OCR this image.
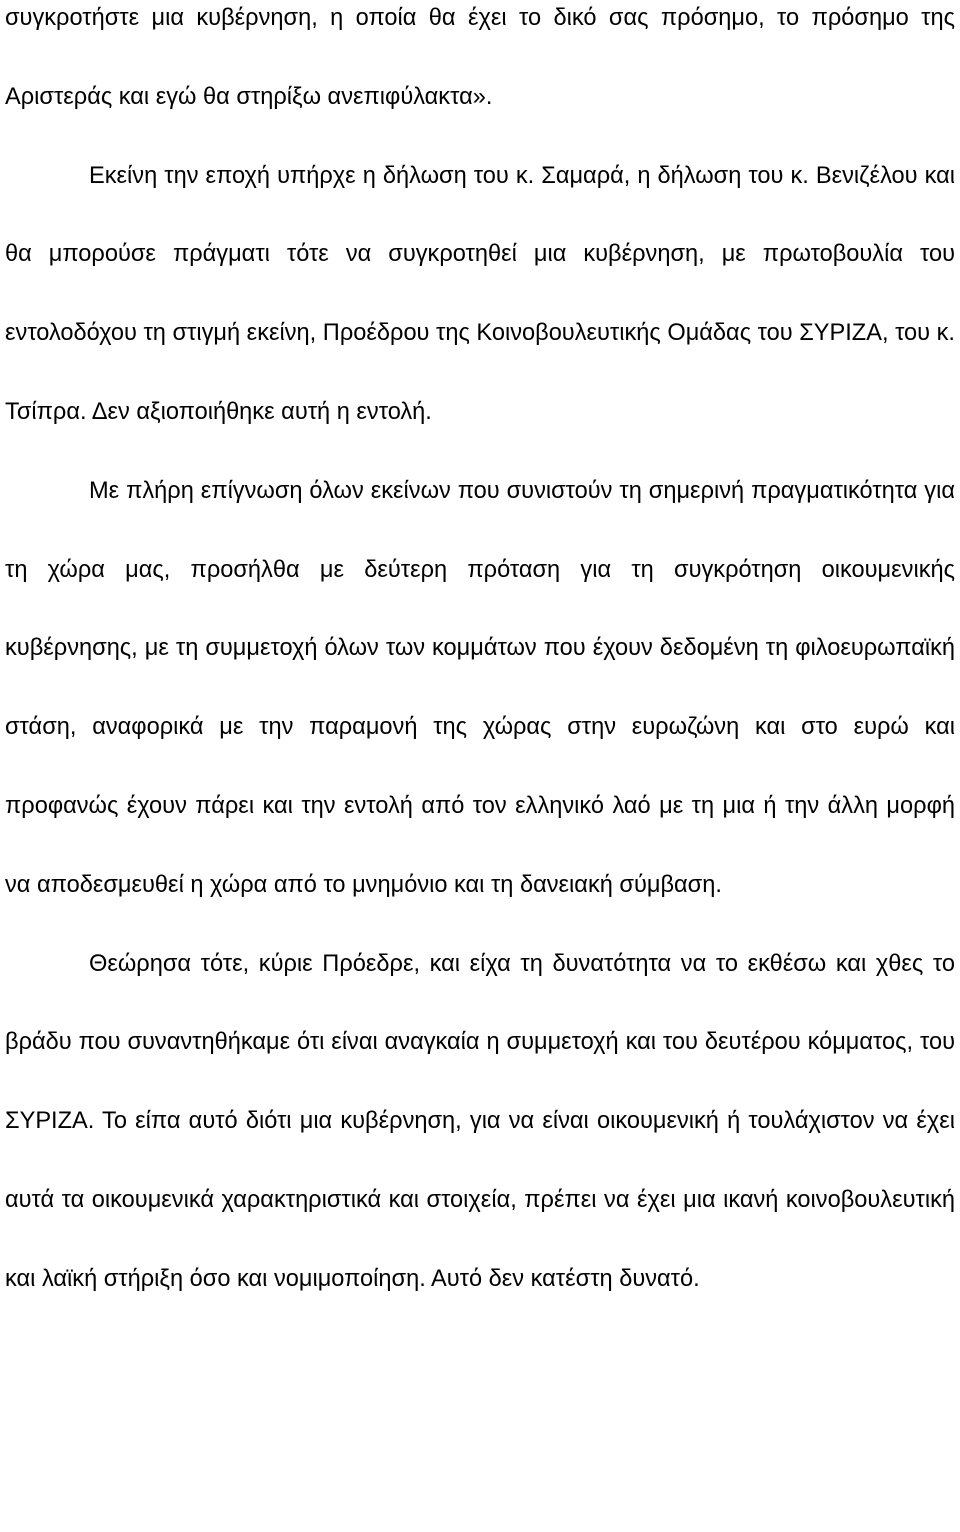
συγκροτήστε μια κυβέρνηση, η οποία θα έχει το δικό σας πρόσημο, το πρόσημο της Αριστεράς και εγώ θα στηρίξω ανεπιφύλακτα».

Εκείνη την εποχή υπήρχε η δήλωση του κ. Σαμαρά, η δήλωση του κ. Βενιζέλου και θα μπορούσε πράγματι τότε να συγκροτηθεί μια κυβέρνηση, με πρωτοβουλία του εντολοδόχου τη στιγμή εκείνη, Προέδρου της Κοινοβουλευτικής Ομάδας του ΣΥΡΙΖΑ, του κ. Τσίπρα. Δεν αξιοποιήθηκε αυτή η εντολή.

Με πλήρη επίγνωση όλων εκείνων που συνιστούν τη σημερινή πραγματικότητα για τη χώρα μας, προσήλθα με δεύτερη πρόταση για τη συγκρότηση οικουμενικής κυβέρνησης, με τη συμμετοχή όλων των κομμάτων που έχουν δεδομένη τη φιλοευρωπαϊκή στάση, αναφορικά με την παραμονή της χώρας στην ευρωζώνη και στο ευρώ και προφανώς έχουν πάρει και την εντολή από τον ελληνικό λαό με τη μια ή την άλλη μορφή να αποδεσμευθεί η χώρα από το μνημόνιο και τη δανειακή σύμβαση.

Θεώρησα τότε, κύριε Πρόεδρε, και είχα τη δυνατότητα να το εκθέσω και χθες το βράδυ που συναντηθήκαμε ότι είναι αναγκαία η συμμετοχή και του δευτέρου κόμματος, του ΣΥΡΙΖΑ. Το είπα αυτό διότι μια κυβέρνηση, για να είναι οικουμενική ή τουλάχιστον να έχει αυτά τα οικουμενικά χαρακτηριστικά και στοιχεία, πρέπει να έχει μια ικανή κοινοβουλευτική και λαϊκή στήριξη όσο και νομιμοποίηση. Αυτό δεν κατέστη δυνατό.
